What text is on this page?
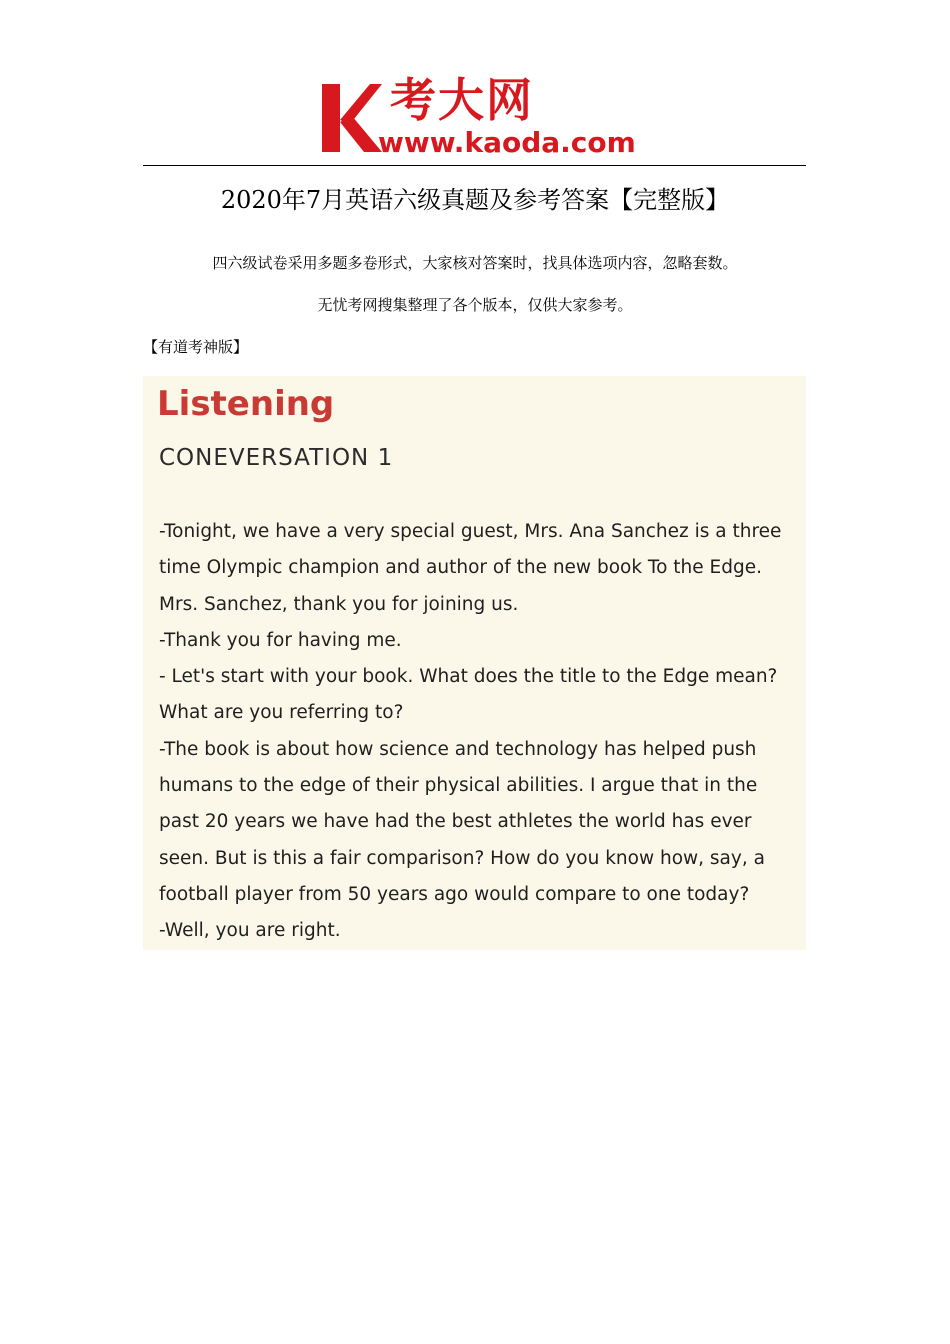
考大网
www.kaoda.com
2020年7月英语六级真题及参考答案【完整版】
四六级试卷采用多题多卷形式，大家核对答案时，找具体选项内容，忽略套数。
无忧考网搜集整理了各个版本，仅供大家参考。
【有道考神版】
Listening
CONEVERSATION 1
-Tonight, we have a very special guest, Mrs. Ana Sanchez is a three
time Olympic champion and author of the new book To the Edge.
Mrs. Sanchez, thank you for joining us.
-Thank you for having me.
- Let's start with your book. What does the title to the Edge mean?
What are you referring to?
-The book is about how science and technology has helped push
humans to the edge of their physical abilities. I argue that in the
past 20 years we have had the best athletes the world has ever
seen. But is this a fair comparison? How do you know how, say, a
football player from 50 years ago would compare to one today?
-Well, you are right.
